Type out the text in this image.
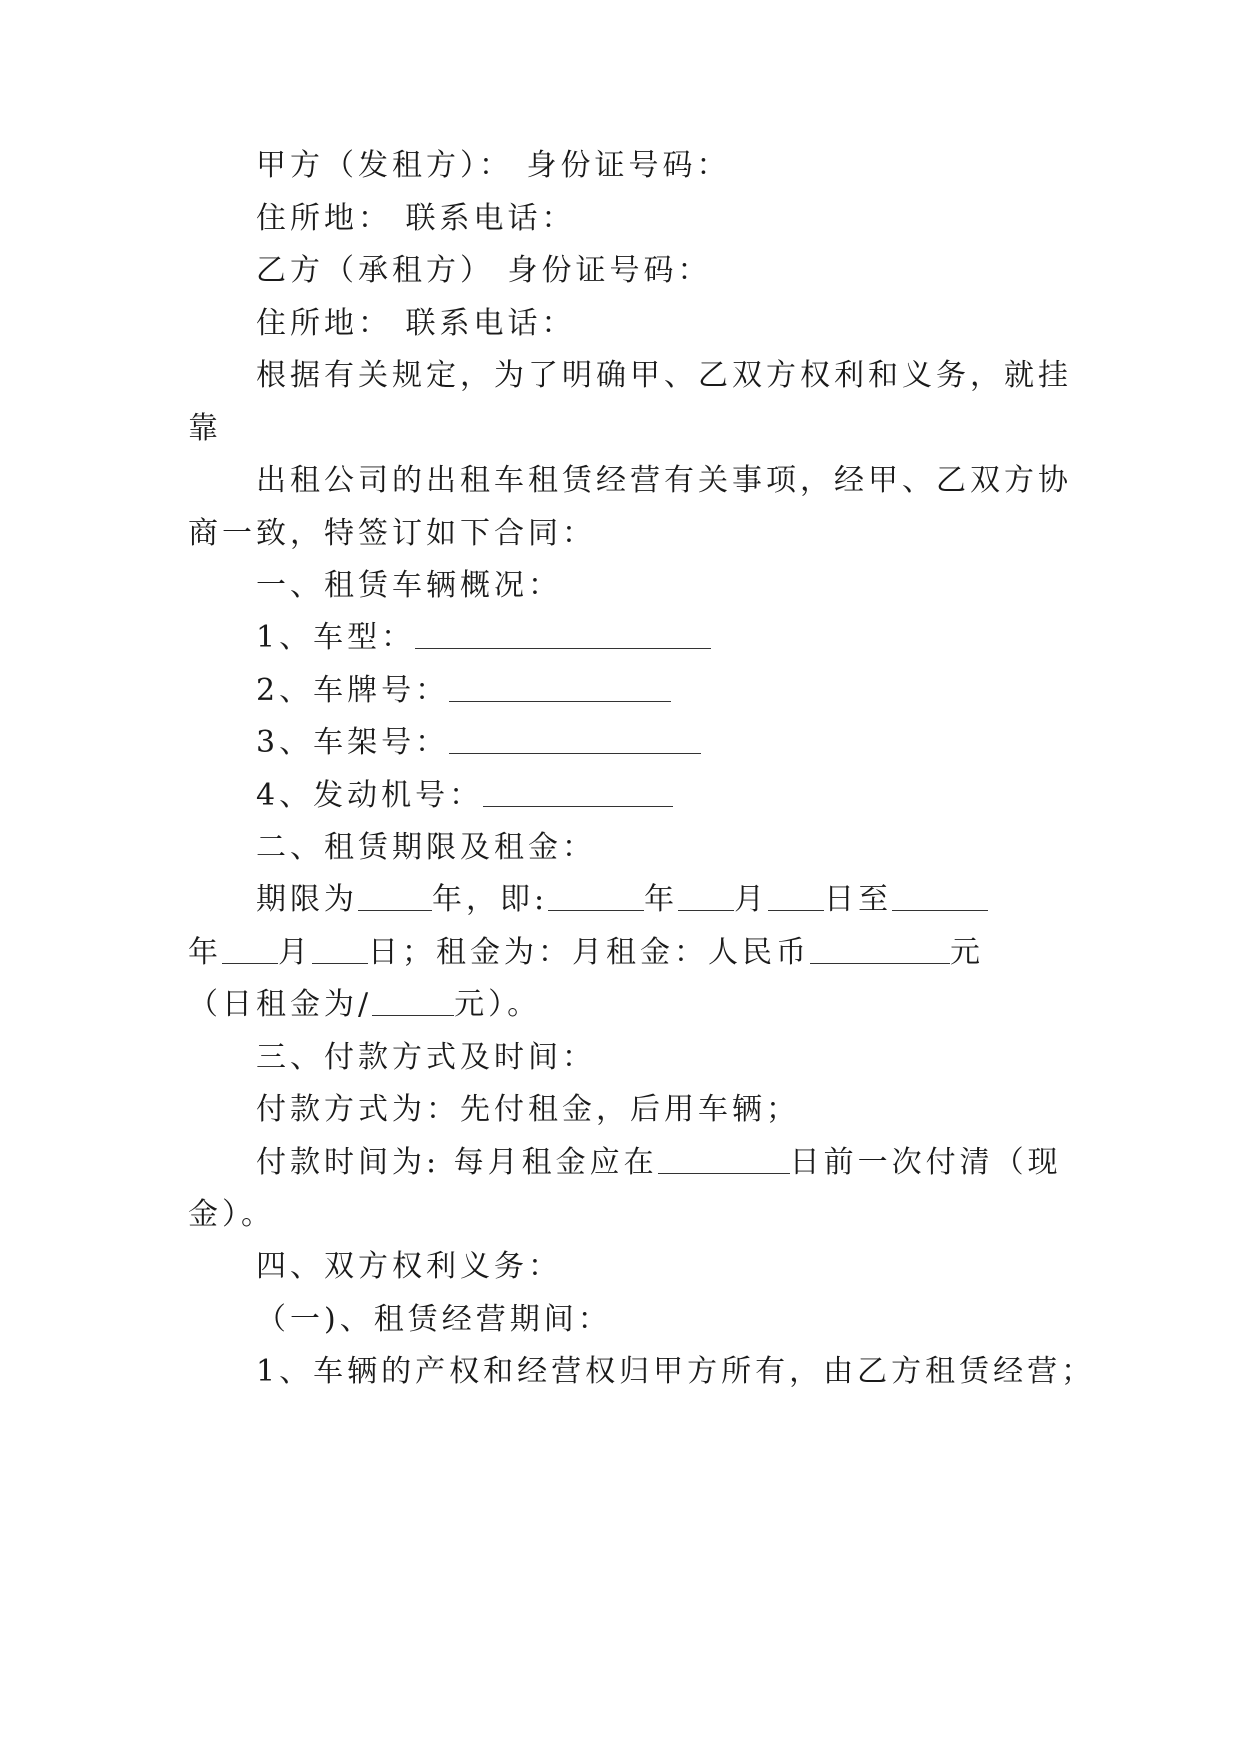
甲方（发租方）： 身份证号码：
住所地： 联系电话：
乙方（承租方） 身份证号码：
住所地： 联系电话：
根据有关规定，为了明确甲、乙双方权利和义务，就挂
靠
出租公司的出租车租赁经营有关事项，经甲、乙双方协
商一致，特签订如下合同：
一、租赁车辆概况：
1、车型：
2、车牌号：
3、车架号：
4、发动机号：
二、租赁期限及租金：
期限为 年，即:	年 月 日至
年 月 日；租金为：月租金：人民币	元
（日租金为/	元）。
三、付款方式及时间：
付款方式为：先付租金，后用车辆；
付款时间为: 每月租金应在	日前一次付清（现
金）。
四、双方权利义务：
（一)、租赁经营期间：
1、车辆的产权和经营权归甲方所有，由乙方租赁经营；
